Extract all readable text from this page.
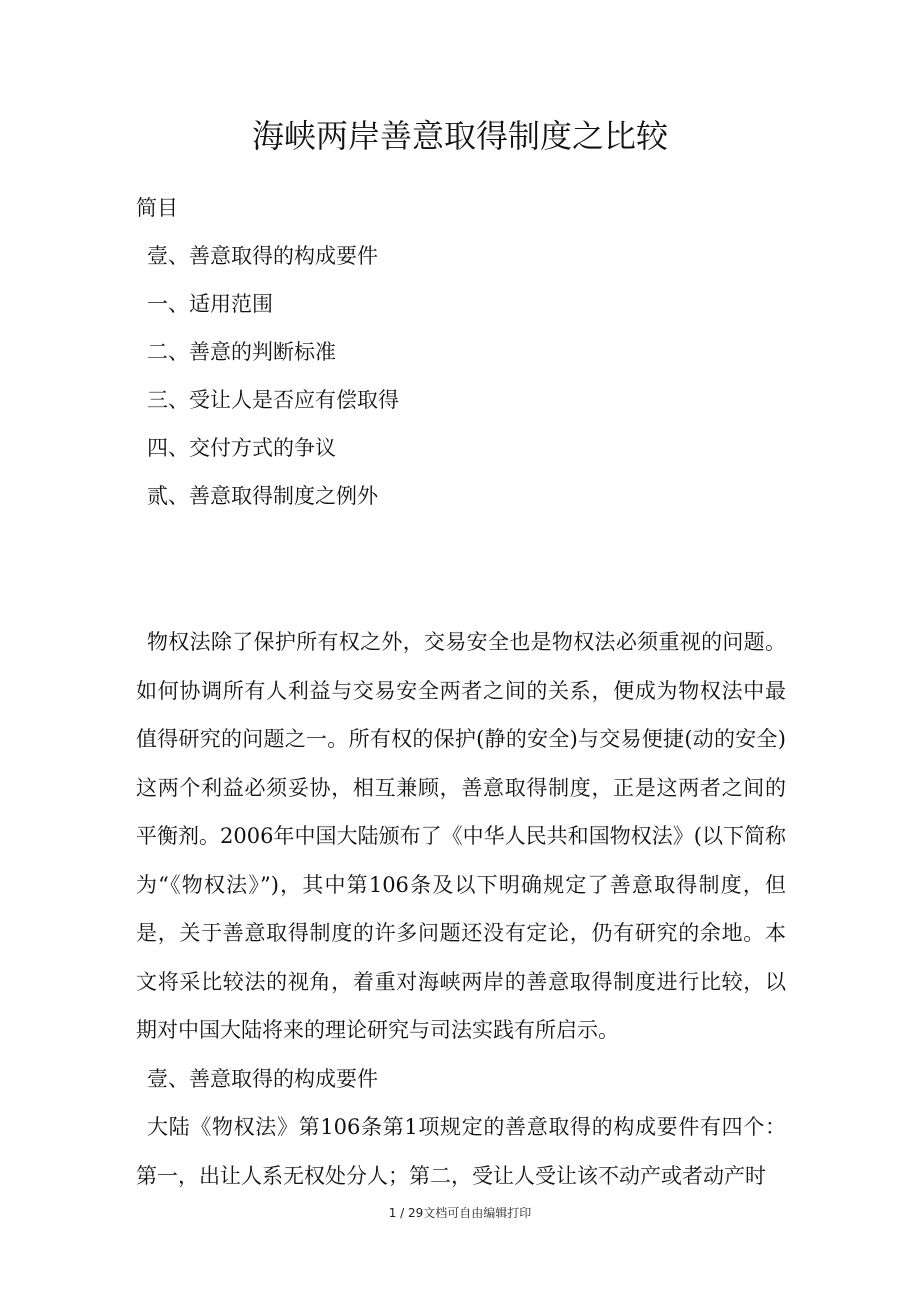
海峡两岸善意取得制度之比较
简目
壹、善意取得的构成要件
一、适用范围
二、善意的判断标准
三、受让人是否应有偿取得
四、交付方式的争议
贰、善意取得制度之例外

物权法除了保护所有权之外，交易安全也是物权法必须重视的问题。如何协调所有人利益与交易安全两者之间的关系，便成为物权法中最值得研究的问题之一。所有权的保护(静的安全)与交易便捷(动的安全)这两个利益必须妥协，相互兼顾，善意取得制度，正是这两者之间的平衡剂。2006年中国大陆颁布了《中华人民共和国物权法》(以下简称为“《物权法》”)，其中第106条及以下明确规定了善意取得制度，但是，关于善意取得制度的许多问题还没有定论，仍有研究的余地。本文将采比较法的视角，着重对海峡两岸的善意取得制度进行比较，以期对中国大陆将来的理论研究与司法实践有所启示。

壹、善意取得的构成要件

大陆《物权法》第106条第1项规定的善意取得的构成要件有四个：第一，出让人系无权处分人；第二，受让人受让该不动产或者动产时

1 / 29文档可自由编辑打印
